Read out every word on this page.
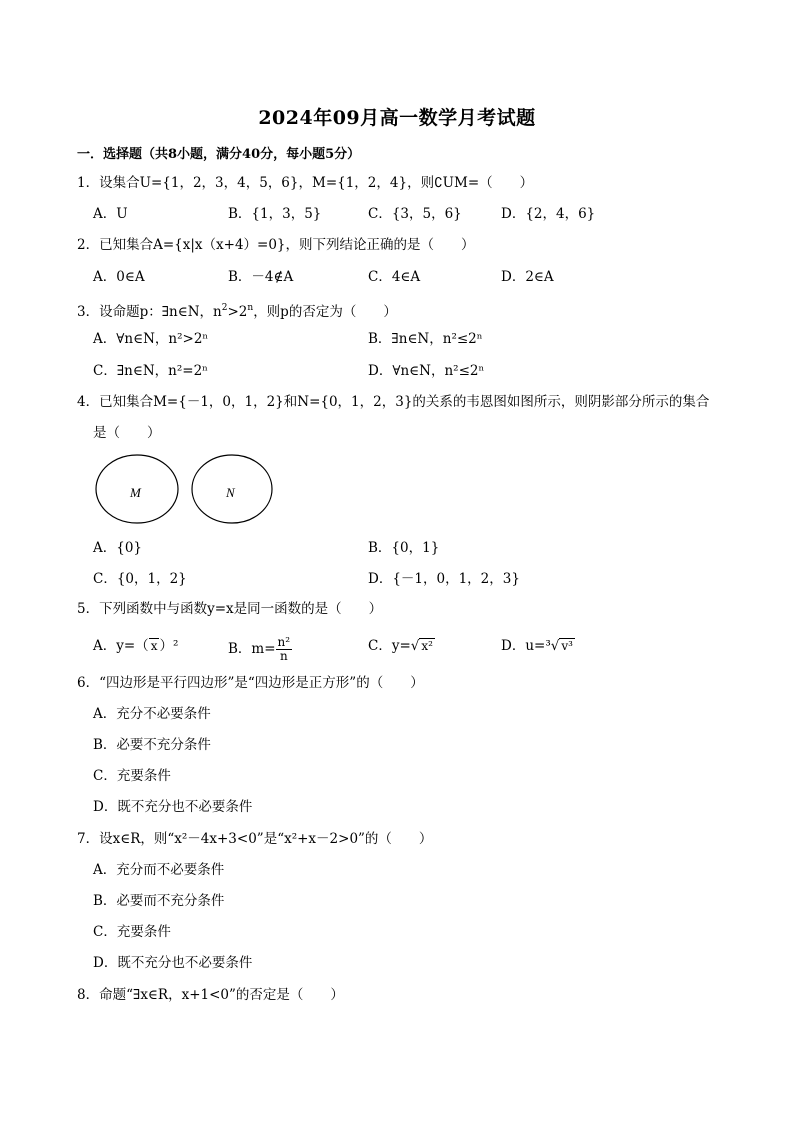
2024年09月高一数学月考试题
一．选择题（共8小题，满分40分，每小题5分）
1．设集合U={1，2，3，4，5，6}，M={1，2，4}，则∁UM=（　　）
A．U	B．{1，3，5}	C．{3，5，6}	D．{2，4，6}
2．已知集合A={x|x（x+4）=0}，则下列结论正确的是（　　）
A．0∈A	B．－4∉A	C．4∈A	D．2∈A
3．设命题p：∃n∈N，$n^2>2^n$，则p的否定为（　　）
A．∀n∈N，n²>2ⁿ	B．∃n∈N，n²≤2ⁿ
C．∃n∈N，n²=2ⁿ	D．∀n∈N，n²≤2ⁿ
4．已知集合M={－1，0，1，2}和N={0，1，2，3}的关系的韦恩图如图所示，则阴影部分所示的集合
是（　　）
M	N
A．{0}	B．{0，1}
C．{0，1，2}	D．{－1，0，1，2，3}
5．下列函数中与函数y=x是同一函数的是（　　）
A．y=（ x ）²	B．$m= \frac{\text{n²}}{n}$	C．y=√ x²	D．u=³√ v³
6．“四边形是平行四边形”是“四边形是正方形”的（　　）
A．充分不必要条件
B．必要不充分条件
C．充要条件
D．既不充分也不必要条件
7．设x∈R，则“x²－4x+3<0”是“x²+x－2>0”的（　　）
A．充分而不必要条件
B．必要而不充分条件
C．充要条件
D．既不充分也不必要条件
8．命题“∃x∈R，x+1<0”的否定是（　　）
